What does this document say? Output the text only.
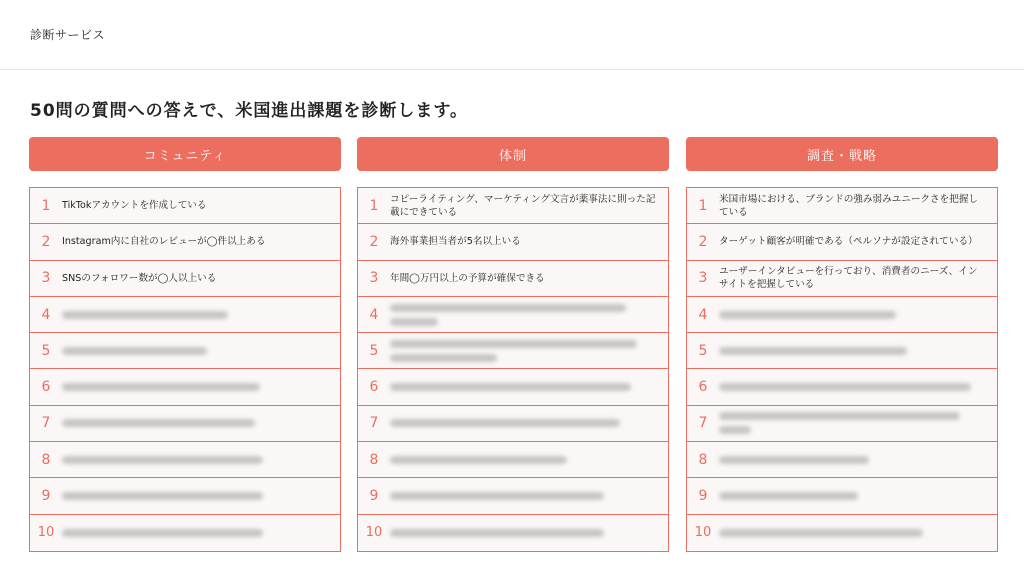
診断サービス
50問の質問への答えで、米国進出課題を診断します。
コミュニティ
1	TikTokアカウントを作成している
2	Instagram内に自社のレビューが◯件以上ある
3	SNSのフォロワー数が◯人以上いる
4
5
6
7
8
9
10
体制
1	コピーライティング、マーケティング文言が薬事法に則った記載にできている
2	海外事業担当者が5名以上いる
3	年間◯万円以上の予算が確保できる
4
5
6
7
8
9
10
調査・戦略
1	米国市場における、ブランドの強み弱みユニークさを把握している
2	ターゲット顧客が明確である（ペルソナが設定されている）
3	ユーザーインタビューを行っており、消費者のニーズ、インサイトを把握している
4
5
6
7
8
9
10
